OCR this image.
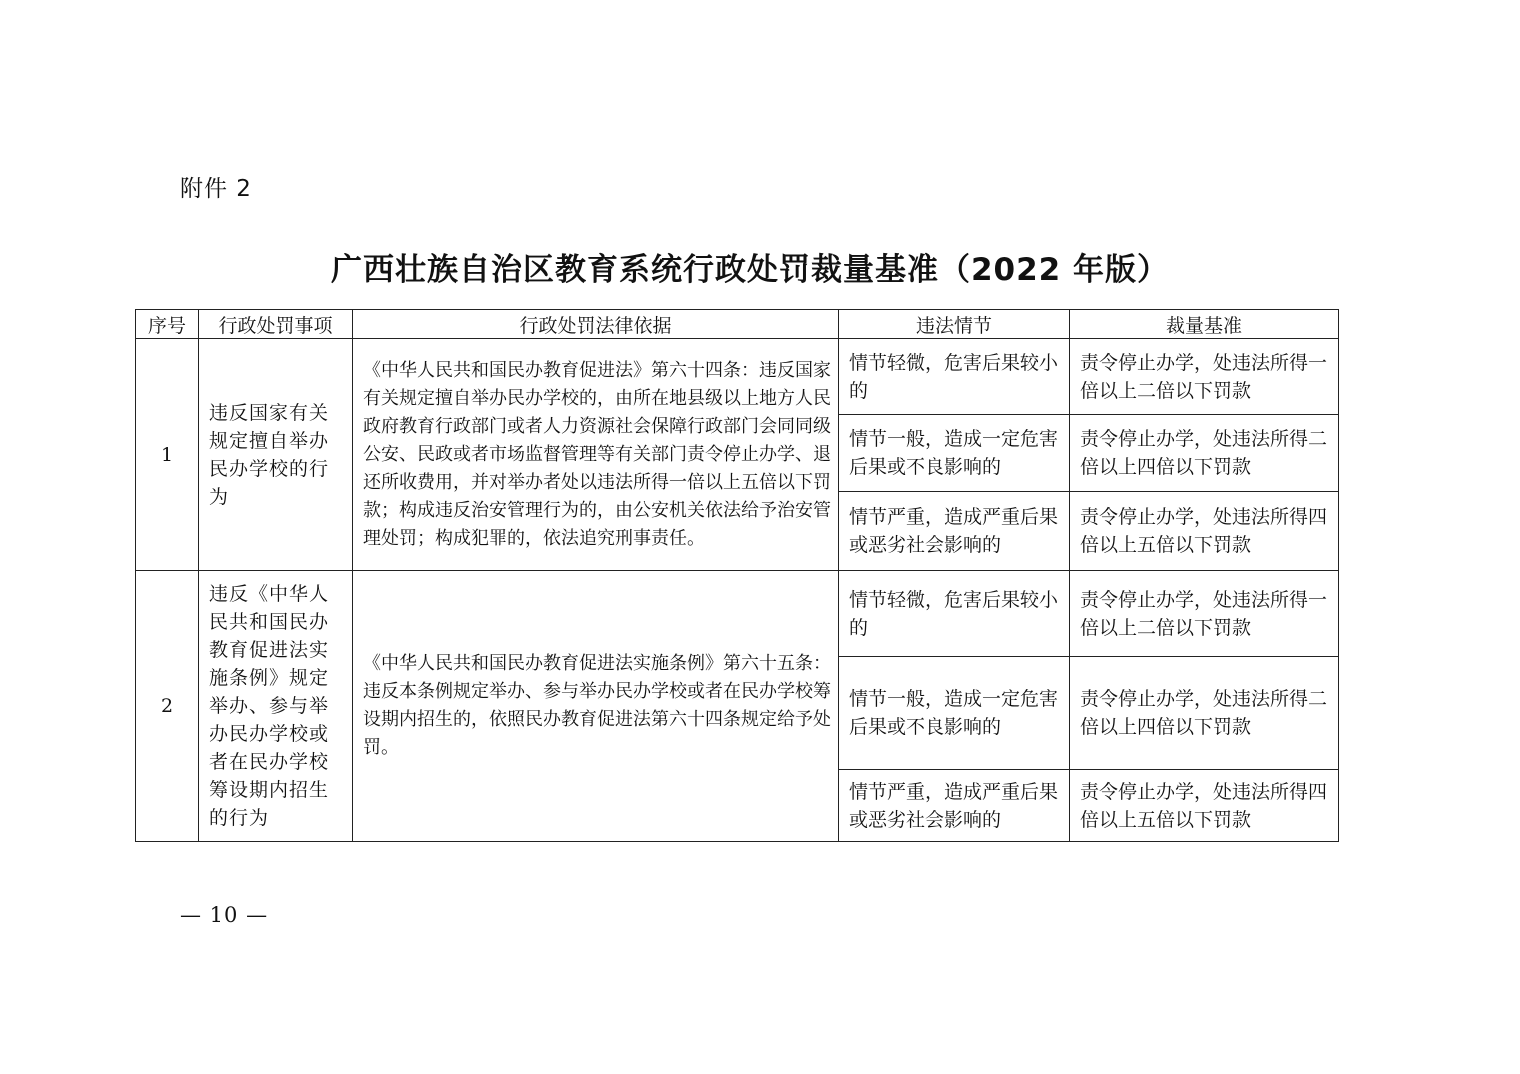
附件 2
广西壮族自治区教育系统行政处罚裁量基准（2022 年版）
序号	行政处罚事项	行政处罚法律依据	违法情节	裁量基准
1	违反国家有关规定擅自举办民办学校的行为	《中华人民共和国民办教育促进法》第六十四条：违反国家有关规定擅自举办民办学校的，由所在地县级以上地方人民政府教育行政部门或者人力资源社会保障行政部门会同同级公安、民政或者市场监督管理等有关部门责令停止办学、退还所收费用，并对举办者处以违法所得一倍以上五倍以下罚款；构成违反治安管理行为的，由公安机关依法给予治安管理处罚；构成犯罪的，依法追究刑事责任。	情节轻微，危害后果较小的	责令停止办学，处违法所得一倍以上二倍以下罚款
			情节一般，造成一定危害后果或不良影响的	责令停止办学，处违法所得二倍以上四倍以下罚款
			情节严重，造成严重后果或恶劣社会影响的	责令停止办学，处违法所得四倍以上五倍以下罚款
2	违反《中华人民共和国民办教育促进法实施条例》规定举办、参与举办民办学校或者在民办学校筹设期内招生的行为	《中华人民共和国民办教育促进法实施条例》第六十五条：违反本条例规定举办、参与举办民办学校或者在民办学校筹设期内招生的，依照民办教育促进法第六十四条规定给予处罚。	情节轻微，危害后果较小的	责令停止办学，处违法所得一倍以上二倍以下罚款
			情节一般，造成一定危害后果或不良影响的	责令停止办学，处违法所得二倍以上四倍以下罚款
			情节严重，造成严重后果或恶劣社会影响的	责令停止办学，处违法所得四倍以上五倍以下罚款
— 10 —
